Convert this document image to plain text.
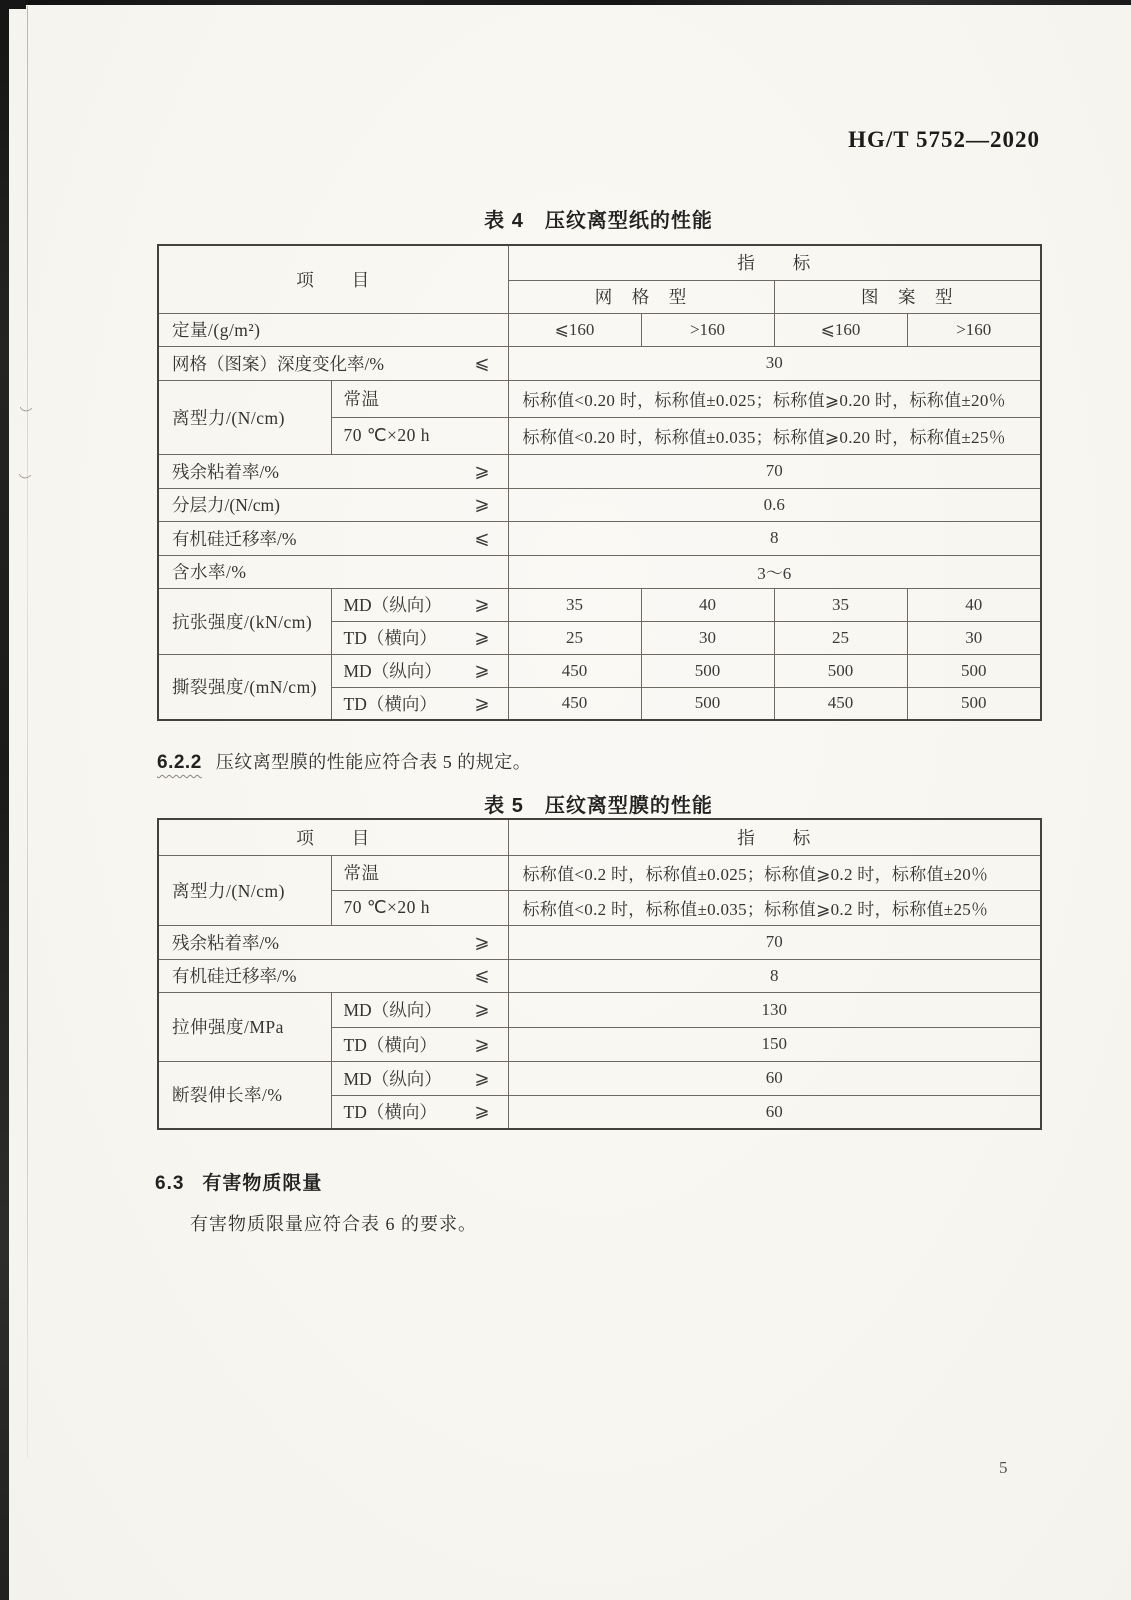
HG/T 5752—2020
表 4　压纹离型纸的性能
项　　目		指　　标			
		网　格　型		图　案　型	
定量/(g/m²)		⩽160	>160	⩽160	>160

网格（图案）深度变化率/% ⩽		30			
离型力/(N/cm)	常温	标称值<0.20 时，标称值±0.025；标称值⩾0.20 时，标称值±20％			
	70 ℃×20 h	标称值<0.20 时，标称值±0.035；标称值⩾0.20 时，标称值±25％			

残余粘着率/% ⩾		70			

分层力/(N/cm) ⩾		0.6			

有机硅迁移率/% ⩽		8			
含水率/%		3～6			
抗张强度/(kN/cm)	MD（纵向） ⩾	35	40	35	40

	TD（横向） ⩾	25	30	25	30
撕裂强度/(mN/cm)	MD（纵向） ⩾	450	500	500	500

	TD（横向） ⩾	450	500	450	500
6.2.2 压纹离型膜的性能应符合表 5 的规定。
表 5　压纹离型膜的性能
项　　目		指　　标
离型力/(N/cm)	常温	标称值<0.2 时，标称值±0.025；标称值⩾0.2 时，标称值±20％
	70 ℃×20 h	标称值<0.2 时，标称值±0.035；标称值⩾0.2 时，标称值±25％

残余粘着率/% ⩾		70

有机硅迁移率/% ⩽		8
拉伸强度/MPa	MD（纵向） ⩾	130

	TD（横向） ⩾	150
断裂伸长率/%	MD（纵向） ⩾	60

	TD（横向） ⩾	60
6.3 有害物质限量
有害物质限量应符合表 6 的要求。
5
